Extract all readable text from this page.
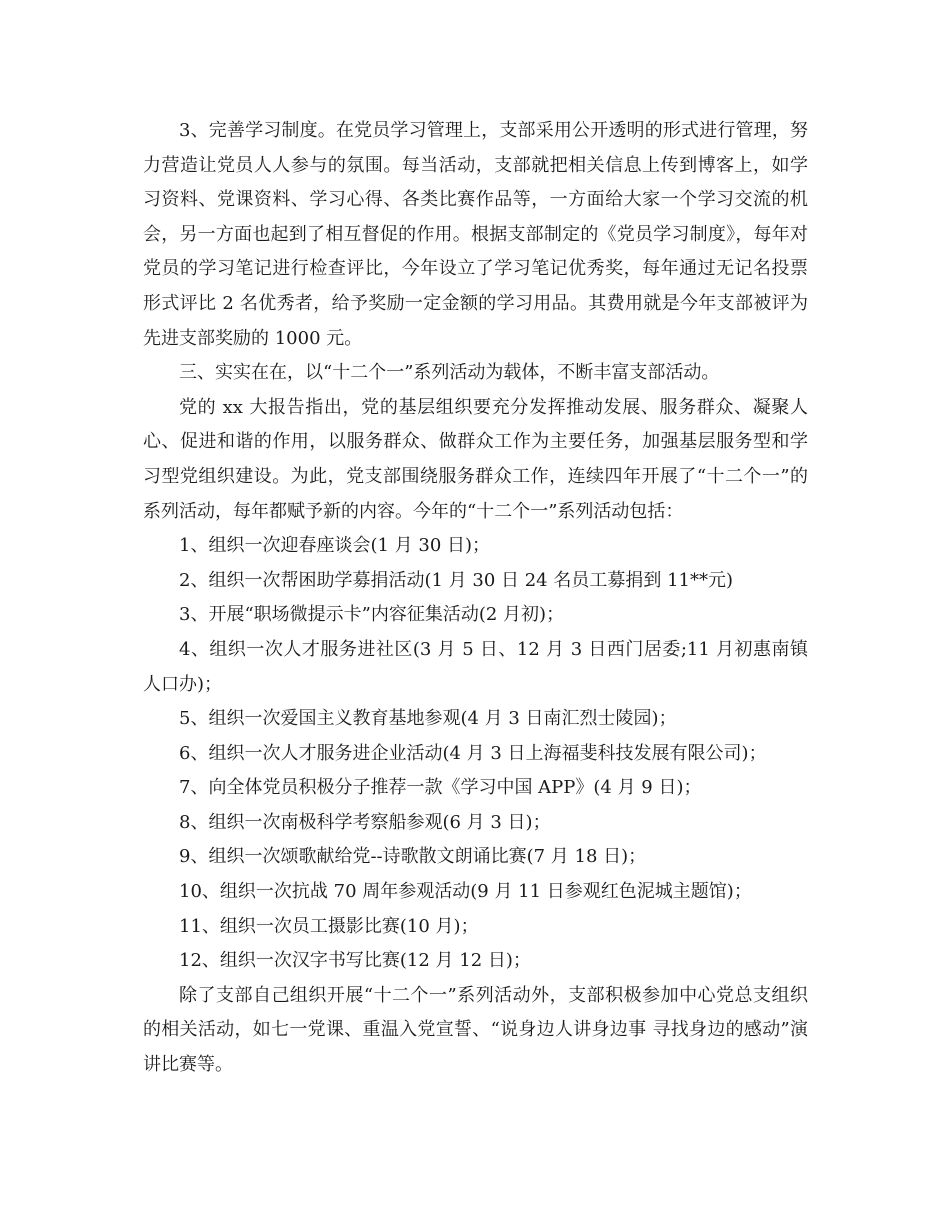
3、完善学习制度。在党员学习管理上，支部采用公开透明的形式进行管理，努力营造让党员人人参与的氛围。每当活动，支部就把相关信息上传到博客上，如学习资料、党课资料、学习心得、各类比赛作品等，一方面给大家一个学习交流的机会，另一方面也起到了相互督促的作用。根据支部制定的《党员学习制度》，每年对党员的学习笔记进行检查评比，今年设立了学习笔记优秀奖，每年通过无记名投票形式评比 2 名优秀者，给予奖励一定金额的学习用品。其费用就是今年支部被评为先进支部奖励的 1000 元。

三、实实在在，以“十二个一”系列活动为载体，不断丰富支部活动。

党的 xx 大报告指出，党的基层组织要充分发挥推动发展、服务群众、凝聚人心、促进和谐的作用，以服务群众、做群众工作为主要任务，加强基层服务型和学习型党组织建设。为此，党支部围绕服务群众工作，连续四年开展了“十二个一”的系列活动，每年都赋予新的内容。今年的“十二个一”系列活动包括：

1、组织一次迎春座谈会(1 月 30 日)；

2、组织一次帮困助学募捐活动(1 月 30 日 24 名员工募捐到 11**元)

3、开展“职场微提示卡”内容征集活动(2 月初)；

4、组织一次人才服务进社区(3 月 5 日、12 月 3 日西门居委;11 月初惠南镇人口办)；

5、组织一次爱国主义教育基地参观(4 月 3 日南汇烈士陵园)；

6、组织一次人才服务进企业活动(4 月 3 日上海福斐科技发展有限公司)；

7、向全体党员积极分子推荐一款《学习中国 APP》(4 月 9 日)；

8、组织一次南极科学考察船参观(6 月 3 日)；

9、组织一次颂歌献给党--诗歌散文朗诵比赛(7 月 18 日)；

10、组织一次抗战 70 周年参观活动(9 月 11 日参观红色泥城主题馆)；

11、组织一次员工摄影比赛(10 月)；

12、组织一次汉字书写比赛(12 月 12 日)；

除了支部自己组织开展“十二个一”系列活动外，支部积极参加中心党总支组织的相关活动，如七一党课、重温入党宣誓、“说身边人讲身边事 寻找身边的感动”演讲比赛等。
